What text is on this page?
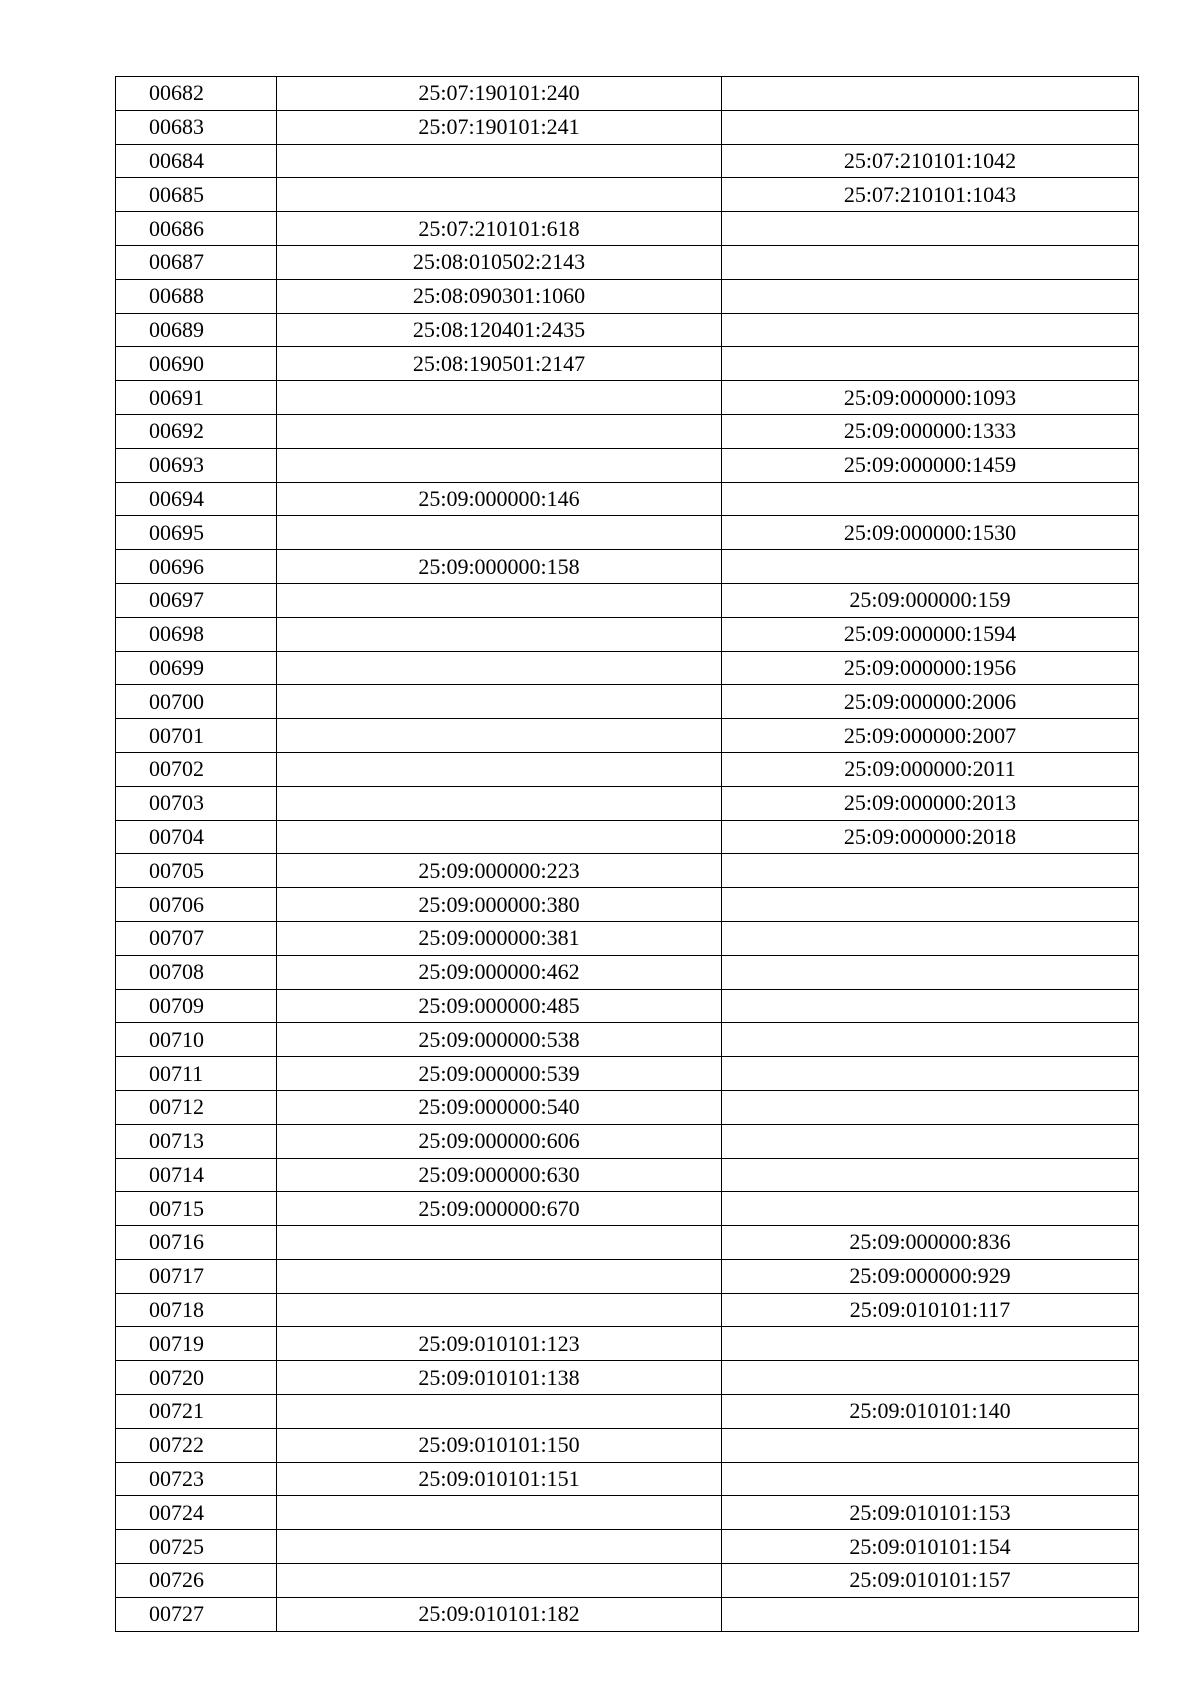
00682	25:07:190101:240	
00683	25:07:190101:241	
00684		25:07:210101:1042
00685		25:07:210101:1043
00686	25:07:210101:618	
00687	25:08:010502:2143	
00688	25:08:090301:1060	
00689	25:08:120401:2435	
00690	25:08:190501:2147	
00691		25:09:000000:1093
00692		25:09:000000:1333
00693		25:09:000000:1459
00694	25:09:000000:146	
00695		25:09:000000:1530
00696	25:09:000000:158	
00697		25:09:000000:159
00698		25:09:000000:1594
00699		25:09:000000:1956
00700		25:09:000000:2006
00701		25:09:000000:2007
00702		25:09:000000:2011
00703		25:09:000000:2013
00704		25:09:000000:2018
00705	25:09:000000:223	
00706	25:09:000000:380	
00707	25:09:000000:381	
00708	25:09:000000:462	
00709	25:09:000000:485	
00710	25:09:000000:538	
00711	25:09:000000:539	
00712	25:09:000000:540	
00713	25:09:000000:606	
00714	25:09:000000:630	
00715	25:09:000000:670	
00716		25:09:000000:836
00717		25:09:000000:929
00718		25:09:010101:117
00719	25:09:010101:123	
00720	25:09:010101:138	
00721		25:09:010101:140
00722	25:09:010101:150	
00723	25:09:010101:151	
00724		25:09:010101:153
00725		25:09:010101:154
00726		25:09:010101:157
00727	25:09:010101:182	
